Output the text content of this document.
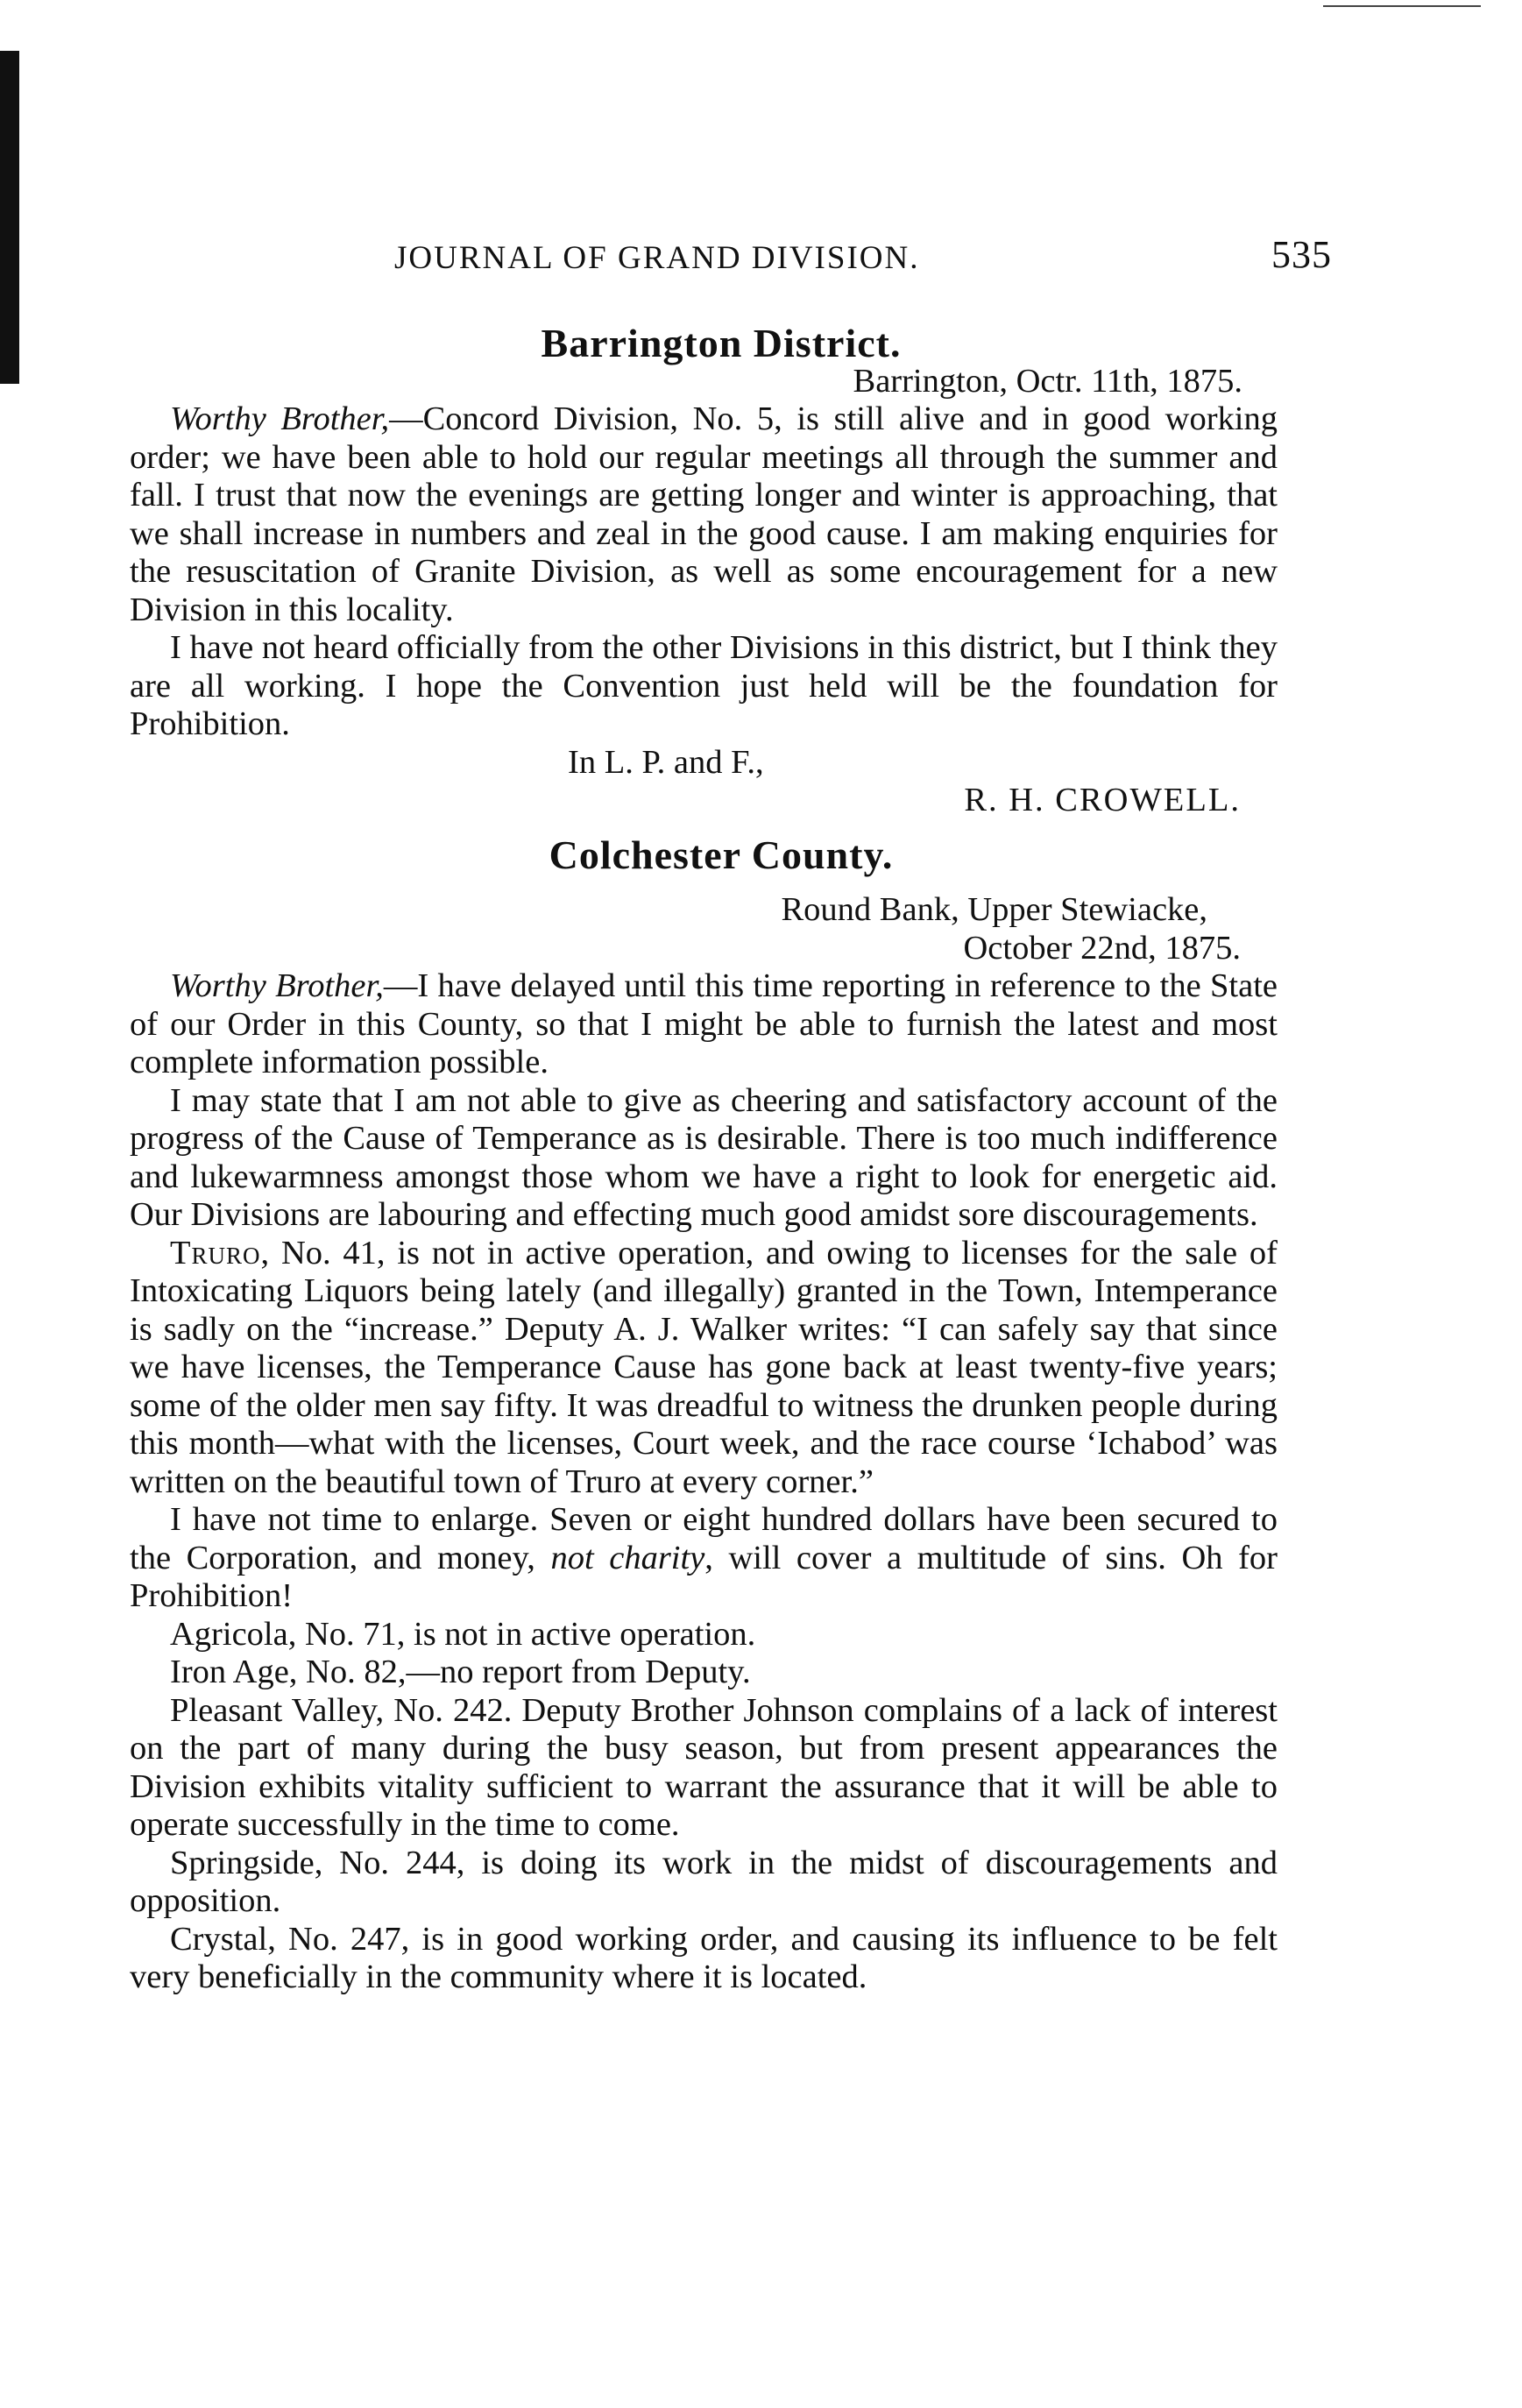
JOURNAL OF GRAND DIVISION.	535

Barrington District.

Barrington, Octr. 11th, 1875.

Worthy Brother,—Concord Division, No. 5, is still alive and in good working order; we have been able to hold our regular meetings all through the summer and fall. I trust that now the evenings are getting longer and winter is approaching, that we shall increase in numbers and zeal in the good cause. I am making enquiries for the resuscitation of Granite Division, as well as some encouragement for a new Division in this locality.

I have not heard officially from the other Divisions in this district, but I think they are all working. I hope the Convention just held will be the foundation for Prohibition.

In L. P. and F.,

R. H. CROWELL.

Colchester County.

Round Bank, Upper Stewiacke,

October 22nd, 1875.

Worthy Brother,—I have delayed until this time reporting in reference to the State of our Order in this County, so that I might be able to furnish the latest and most complete information possible.

I may state that I am not able to give as cheering and satisfactory account of the progress of the Cause of Temperance as is desirable. There is too much indifference and lukewarmness amongst those whom we have a right to look for energetic aid. Our Divisions are labouring and effecting much good amidst sore discouragements.

Truro, No. 41, is not in active operation, and owing to licenses for the sale of Intoxicating Liquors being lately (and illegally) granted in the Town, Intemperance is sadly on the “increase.” Deputy A. J. Walker writes: “I can safely say that since we have licenses, the Temperance Cause has gone back at least twenty-five years; some of the older men say fifty. It was dreadful to witness the drunken people during this month—what with the licenses, Court week, and the race course ‘Ichabod’ was written on the beautiful town of Truro at every corner.”

I have not time to enlarge. Seven or eight hundred dollars have been secured to the Corporation, and money, not charity, will cover a multitude of sins. Oh for Prohibition!

Agricola, No. 71, is not in active operation.

Iron Age, No. 82,—no report from Deputy.

Pleasant Valley, No. 242. Deputy Brother Johnson complains of a lack of interest on the part of many during the busy season, but from present appearances the Division exhibits vitality sufficient to warrant the assurance that it will be able to operate successfully in the time to come.

Springside, No. 244, is doing its work in the midst of discouragements and opposition.

Crystal, No. 247, is in good working order, and causing its influence to be felt very beneficially in the community where it is located.
